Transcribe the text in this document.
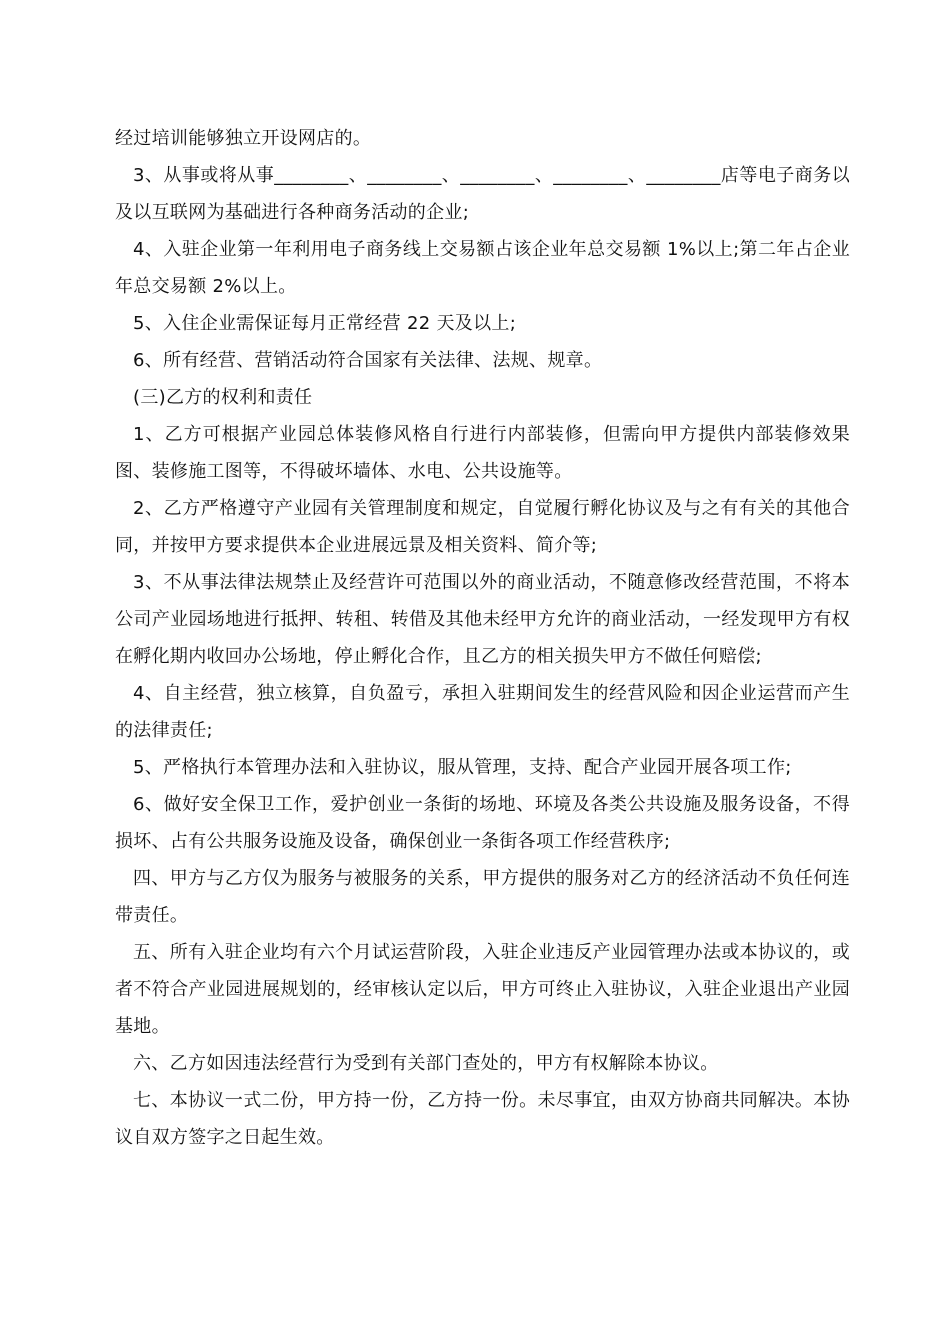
经过培训能够独立开设网店的。

3、从事或将从事________、________、________、________、________店等电子商务以及以互联网为基础进行各种商务活动的企业;

4、入驻企业第一年利用电子商务线上交易额占该企业年总交易额 1%以上;第二年占企业年总交易额 2%以上。

5、入住企业需保证每月正常经营 22 天及以上;

6、所有经营、营销活动符合国家有关法律、法规、规章。

(三)乙方的权利和责任

1、乙方可根据产业园总体装修风格自行进行内部装修，但需向甲方提供内部装修效果图、装修施工图等，不得破坏墙体、水电、公共设施等。

2、乙方严格遵守产业园有关管理制度和规定，自觉履行孵化协议及与之有有关的其他合同，并按甲方要求提供本企业进展远景及相关资料、简介等;

3、不从事法律法规禁止及经营许可范围以外的商业活动，不随意修改经营范围，不将本公司产业园场地进行抵押、转租、转借及其他未经甲方允许的商业活动，一经发现甲方有权在孵化期内收回办公场地，停止孵化合作，且乙方的相关损失甲方不做任何赔偿;

4、自主经营，独立核算，自负盈亏，承担入驻期间发生的经营风险和因企业运营而产生的法律责任;

5、严格执行本管理办法和入驻协议，服从管理，支持、配合产业园开展各项工作;

6、做好安全保卫工作，爱护创业一条街的场地、环境及各类公共设施及服务设备，不得损坏、占有公共服务设施及设备，确保创业一条街各项工作经营秩序;

四、甲方与乙方仅为服务与被服务的关系，甲方提供的服务对乙方的经济活动不负任何连带责任。

五、所有入驻企业均有六个月试运营阶段，入驻企业违反产业园管理办法或本协议的，或者不符合产业园进展规划的，经审核认定以后，甲方可终止入驻协议，入驻企业退出产业园基地。

六、乙方如因违法经营行为受到有关部门查处的，甲方有权解除本协议。

七、本协议一式二份，甲方持一份，乙方持一份。未尽事宜，由双方协商共同解决。本协议自双方签字之日起生效。
